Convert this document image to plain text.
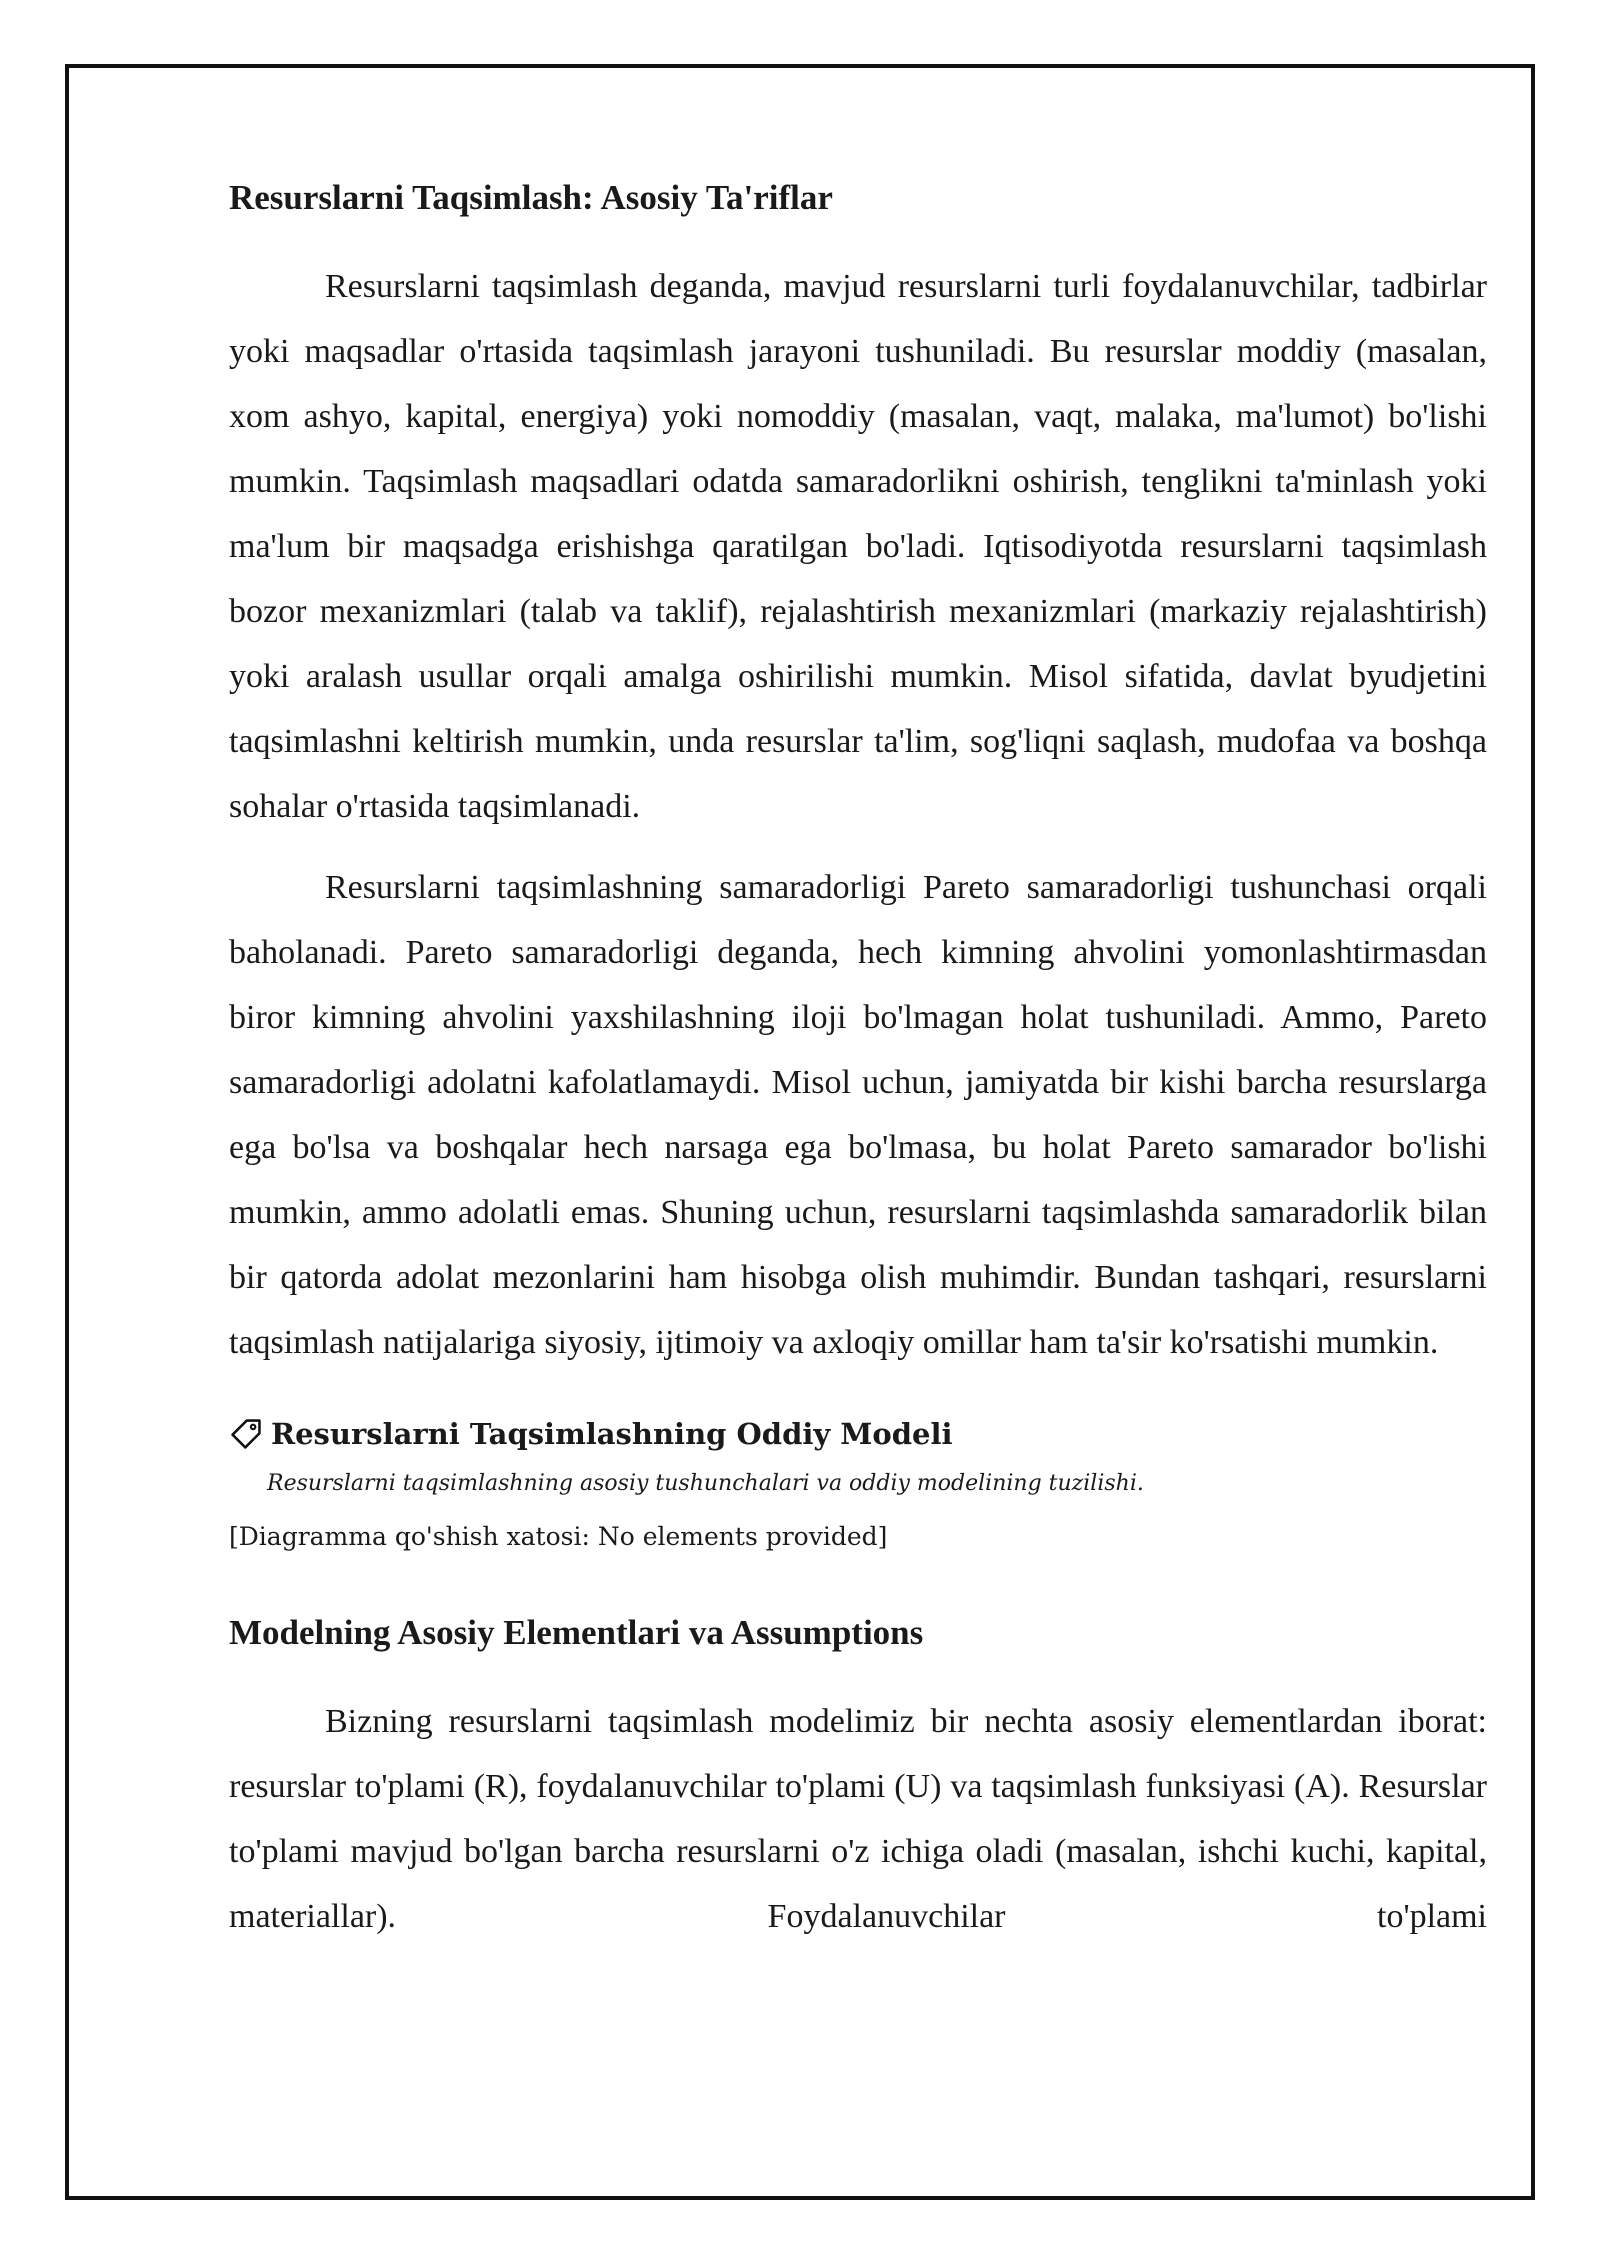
Resurslarni Taqsimlash: Asosiy Ta'riflar

Resurslarni taqsimlash deganda, mavjud resurslarni turli foydalanuvchilar, tadbirlar yoki maqsadlar o'rtasida taqsimlash jarayoni tushuniladi. Bu resurslar moddiy (masalan, xom ashyo, kapital, energiya) yoki nomoddiy (masalan, vaqt, malaka, ma'lumot) bo'lishi mumkin. Taqsimlash maqsadlari odatda samaradorlikni oshirish, tenglikni ta'minlash yoki ma'lum bir maqsadga erishishga qaratilgan bo'ladi. Iqtisodiyotda resurslarni taqsimlash bozor mexanizmlari (talab va taklif), rejalashtirish mexanizmlari (markaziy rejalashtirish) yoki aralash usullar orqali amalga oshirilishi mumkin. Misol sifatida, davlat byudjetini taqsimlashni keltirish mumkin, unda resurslar ta'lim, sog'liqni saqlash, mudofaa va boshqa sohalar o'rtasida taqsimlanadi.

Resurslarni taqsimlashning samaradorligi Pareto samaradorligi tushunchasi orqali baholanadi. Pareto samaradorligi deganda, hech kimning ahvolini yomonlashtirmasdan biror kimning ahvolini yaxshilashning iloji bo'lmagan holat tushuniladi. Ammo, Pareto samaradorligi adolatni kafolatlamaydi. Misol uchun, jamiyatda bir kishi barcha resurslarga ega bo'lsa va boshqalar hech narsaga ega bo'lmasa, bu holat Pareto samarador bo'lishi mumkin, ammo adolatli emas. Shuning uchun, resurslarni taqsimlashda samaradorlik bilan bir qatorda adolat mezonlarini ham hisobga olish muhimdir. Bundan tashqari, resurslarni taqsimlash natijalariga siyosiy, ijtimoiy va axloqiy omillar ham ta'sir ko'rsatishi mumkin.

Resurslarni Taqsimlashning Oddiy Modeli
Resurslarni taqsimlashning asosiy tushunchalari va oddiy modelining tuzilishi.
[Diagramma qo'shish xatosi: No elements provided]
Modelning Asosiy Elementlari va Assumptions

Bizning resurslarni taqsimlash modelimiz bir nechta asosiy elementlardan iborat: resurslar to'plami (R), foydalanuvchilar to'plami (U) va taqsimlash funksiyasi (A). Resurslar to'plami mavjud bo'lgan barcha resurslarni o'z ichiga oladi (masalan, ishchi kuchi, kapital, materiallar). Foydalanuvchilar to'plami
